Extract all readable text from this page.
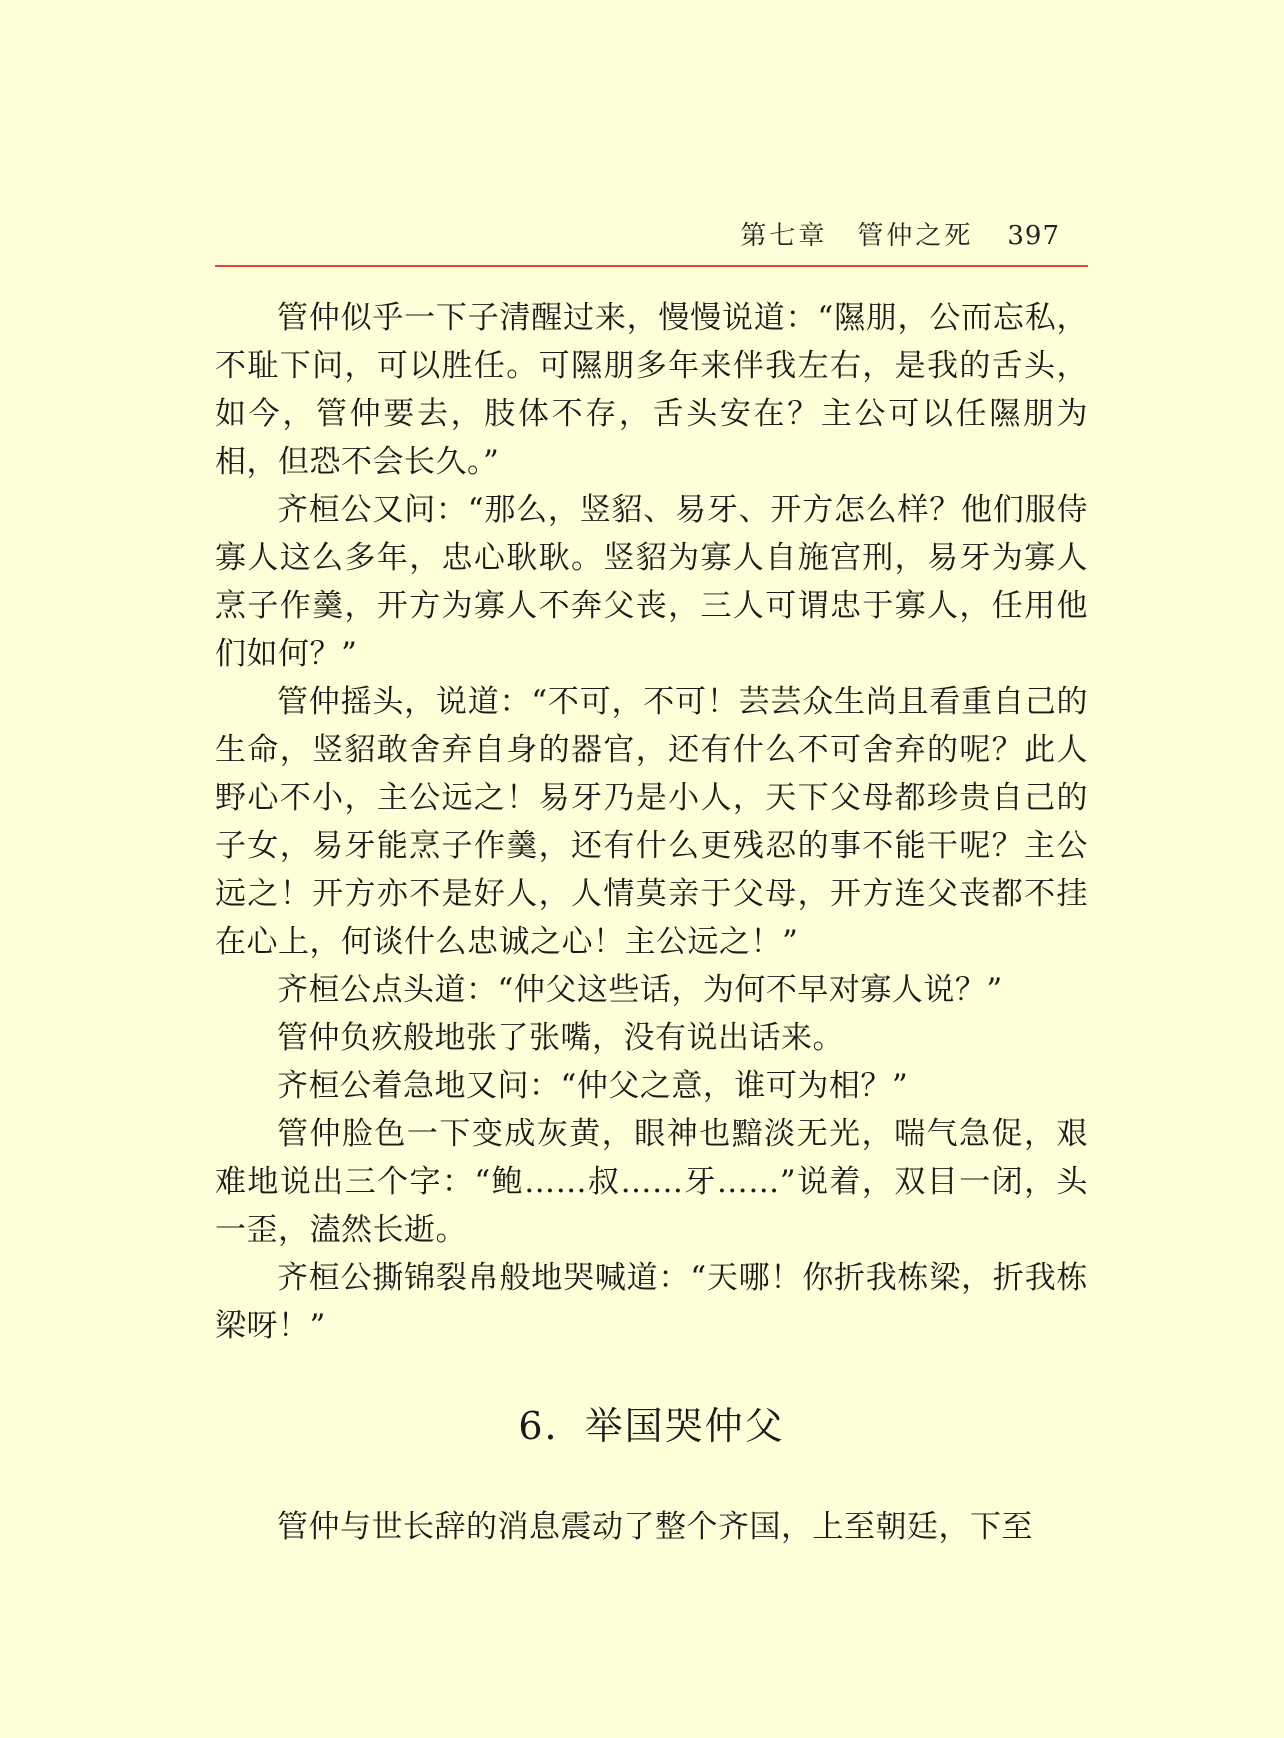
第七章 管仲之死 397

管仲似乎一下子清醒过来，慢慢说道：“隰朋，公而忘私，不耻下问，可以胜任。可隰朋多年来伴我左右，是我的舌头，如今，管仲要去，肢体不存，舌头安在？主公可以任隰朋为相，但恐不会长久。”

齐桓公又问：“那么，竖貂、易牙、开方怎么样？他们服侍寡人这么多年，忠心耿耿。竖貂为寡人自施宫刑，易牙为寡人烹子作羹，开方为寡人不奔父丧，三人可谓忠于寡人，任用他们如何？”

管仲摇头，说道：“不可，不可！芸芸众生尚且看重自己的生命，竖貂敢舍弃自身的器官，还有什么不可舍弃的呢？此人野心不小，主公远之！易牙乃是小人，天下父母都珍贵自己的子女，易牙能烹子作羹，还有什么更残忍的事不能干呢？主公远之！开方亦不是好人，人情莫亲于父母，开方连父丧都不挂在心上，何谈什么忠诚之心！主公远之！”

齐桓公点头道：“仲父这些话，为何不早对寡人说？”

管仲负疚般地张了张嘴，没有说出话来。

齐桓公着急地又问：“仲父之意，谁可为相？”

管仲脸色一下变成灰黄，眼神也黯淡无光，喘气急促，艰难地说出三个字：“鲍……叔……牙……”说着，双目一闭，头一歪，溘然长逝。

齐桓公撕锦裂帛般地哭喊道：“天哪！你折我栋梁，折我栋梁呀！”

6．举国哭仲父

管仲与世长辞的消息震动了整个齐国，上至朝廷，下至
